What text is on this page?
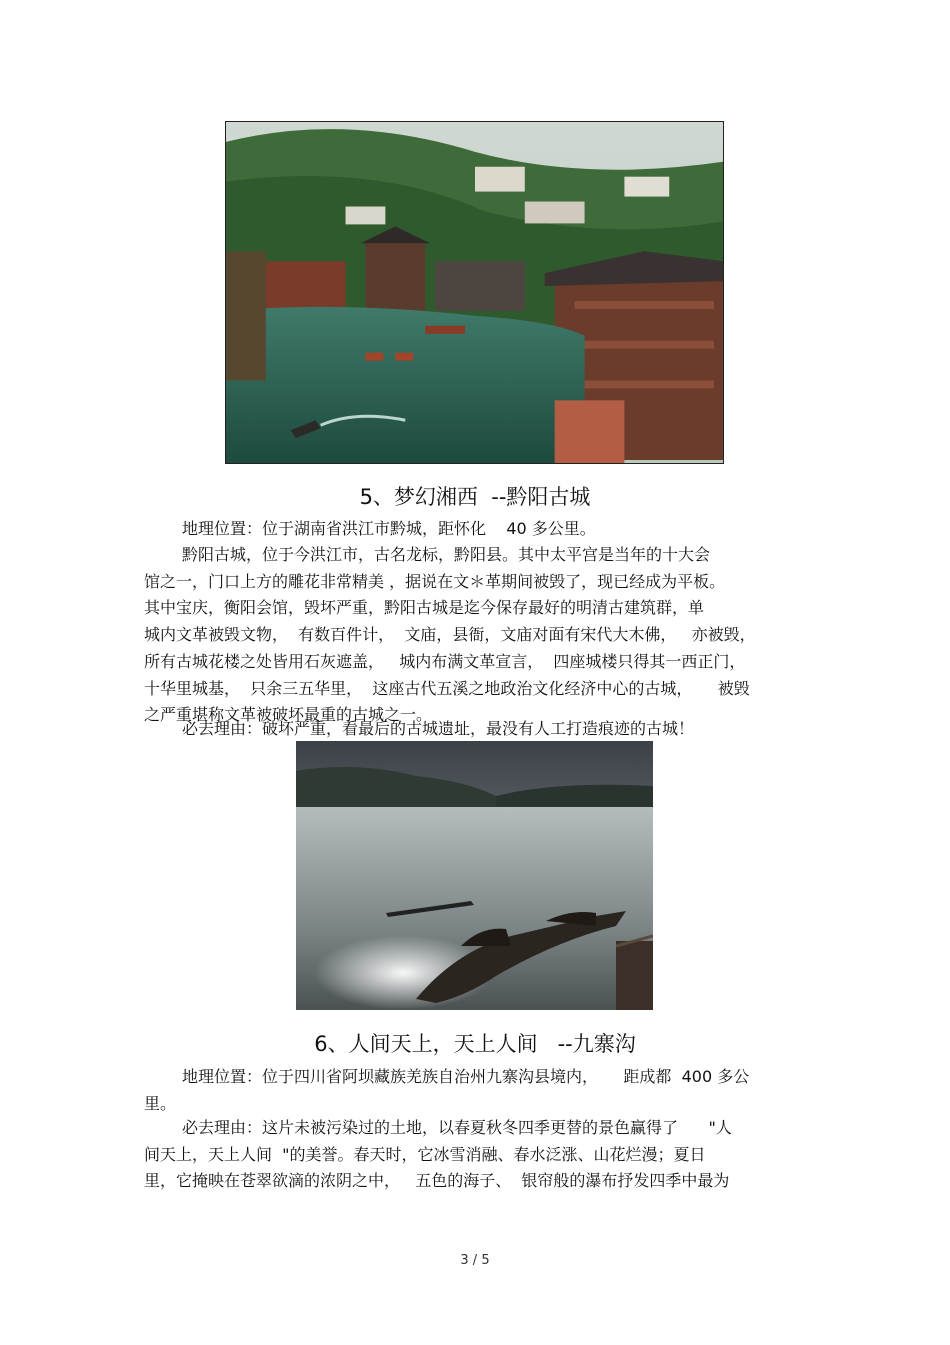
5、梦幻湘西  --黔阳古城

地理位置：位于湖南省洪江市黔城，距怀化    40 多公里。

黔阳古城，位于今洪江市，古名龙标，黔阳县。其中太平宫是当年的十大会
馆之一，门口上方的雕花非常精美 ，据说在文＊革期间被毁了，现已经成为平板。
其中宝庆，衡阳会馆，毁坏严重，黔阳古城是迄今保存最好的明清古建筑群，单
城内文革被毁文物，  有数百件计，  文庙，县衙，文庙对面有宋代大木佛，   亦被毁，
所有古城花楼之处皆用石灰遮盖，   城内布满文革宣言，  四座城楼只得其一西正门，
十华里城基，  只余三五华里，  这座古代五溪之地政治文化经济中心的古城，     被毁
之严重堪称文革被破坏最重的古城之一。

必去理由：破坏严重，看最后的古城遗址，最没有人工打造痕迹的古城！

6、人间天上，天上人间   --九寨沟
地理位置：位于四川省阿坝藏族羌族自治州九寨沟县境内，     距成都  400 多公
里。
必去理由：这片未被污染过的土地，以春夏秋冬四季更替的景色赢得了      "人
间天上，天上人间  "的美誉。春天时，它冰雪消融、春水泛涨、山花烂漫；夏日
里，它掩映在苍翠欲滴的浓阴之中，   五色的海子、  银帘般的瀑布抒发四季中最为
3 / 5
